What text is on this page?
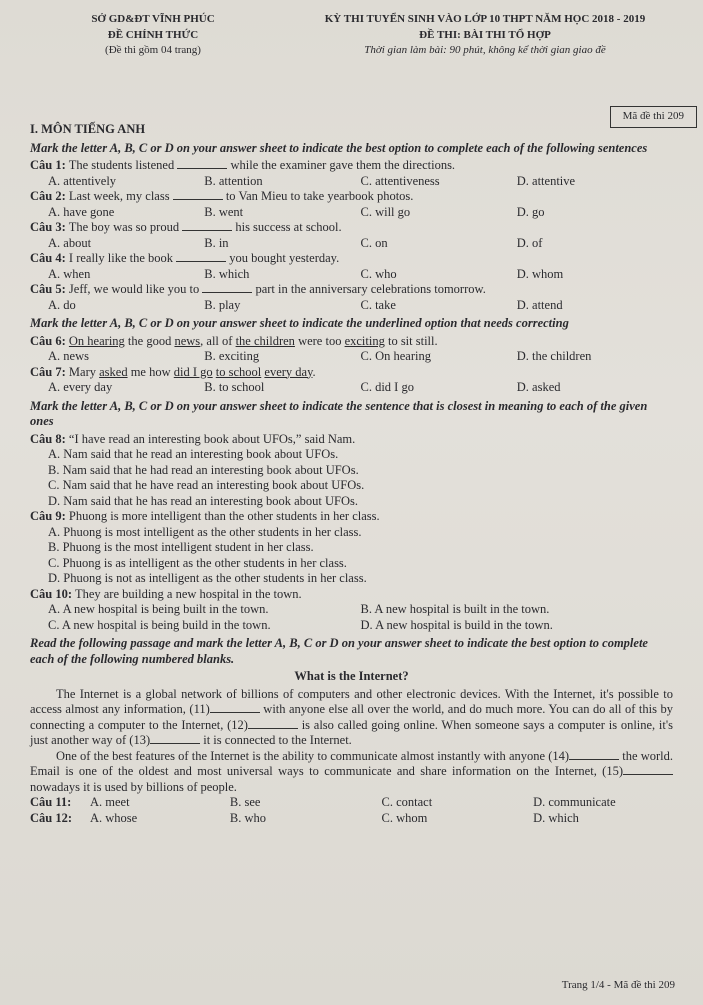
SỞ GD&ĐT VĨNH PHÚC
ĐỀ CHÍNH THỨC
(Đề thi gồm 04 trang)
KỲ THI TUYỂN SINH VÀO LỚP 10 THPT NĂM HỌC 2018 - 2019
ĐỀ THI: BÀI THI TỔ HỢP
Thời gian làm bài: 90 phút, không kể thời gian giao đề
Mã đề thi 209
I. MÔN TIẾNG ANH
Mark the letter A, B, C or D on your answer sheet to indicate the best option to complete each of the following sentences
Câu 1: The students listened	while the examiner gave them the directions.
A. attentively	B. attention	C. attentiveness	D. attentive
Câu 2: Last week, my class	to Van Mieu to take yearbook photos.
A. have gone	B. went	C. will go	D. go
Câu 3: The boy was so proud	his success at school.
A. about	B. in	C. on	D. of
Câu 4: I really like the book	you bought yesterday.
A. when	B. which	C. who	D. whom
Câu 5: Jeff, we would like you to	part in the anniversary celebrations tomorrow.
A. do	B. play	C. take	D. attend
Mark the letter A, B, C or D on your answer sheet to indicate the underlined option that needs correcting
Câu 6: On hearing the good news, all of the children were too exciting to sit still.
A. news	B. exciting	C. On hearing	D. the children
Câu 7: Mary asked me how did I go to school every day.
A. every day	B. to school	C. did I go	D. asked
Mark the letter A, B, C or D on your answer sheet to indicate the sentence that is closest in meaning to each of the given ones
Câu 8: “I have read an interesting book about UFOs,” said Nam.
A. Nam said that he read an interesting book about UFOs.
B. Nam said that he had read an interesting book about UFOs.
C. Nam said that he have read an interesting book about UFOs.
D. Nam said that he has read an interesting book about UFOs.
Câu 9: Phuong is more intelligent than the other students in her class.
A. Phuong is most intelligent as the other students in her class.
B. Phuong is the most intelligent student in her class.
C. Phuong is as intelligent as the other students in her class.
D. Phuong is not as intelligent as the other students in her class.
Câu 10: They are building a new hospital in the town.
A. A new hospital is being built in the town.	B. A new hospital is built in the town.
C. A new hospital is being build in the town.	D. A new hospital is build in the town.
Read the following passage and mark the letter A, B, C or D on your answer sheet to indicate the best option to complete each of the following numbered blanks.
What is the Internet?

The Internet is a global network of billions of computers and other electronic devices. With the Internet, it's possible to access almost any information, (11)	with anyone else all over the world, and do much more. You can do all of this by connecting a computer to the Internet, (12)	is also called going online. When someone says a computer is online, it's just another way of (13)	it is connected to the Internet.

One of the best features of the Internet is the ability to communicate almost instantly with anyone (14)	the world. Email is one of the oldest and most universal ways to communicate and share information on the Internet, (15) nowadays it is used by billions of people.

Câu 11:	A. meet	B. see	C. contact	D. communicate
Câu 12:	A. whose	B. who	C. whom	D. which
Trang 1/4 - Mã đề thi 209
